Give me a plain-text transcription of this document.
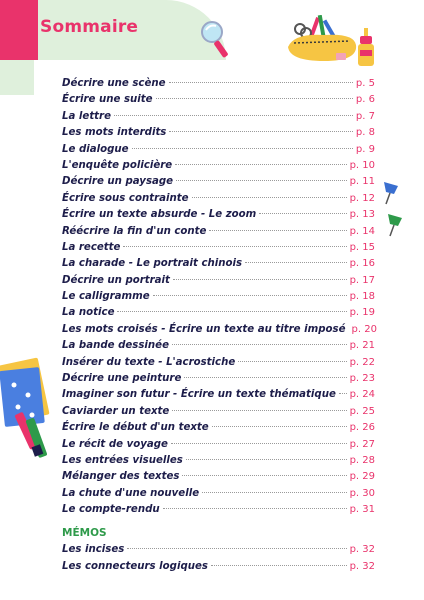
Sommaire
Décrire une scène	p. 5
Écrire une suite	p. 6
La lettre	p. 7
Les mots interdits	p. 8
Le dialogue	p. 9
L'enquête policière	p. 10
Décrire un paysage	p. 11
Écrire sous contrainte	p. 12
Écrire un texte absurde - Le zoom	p. 13
Réécrire la fin d'un conte	p. 14
La recette	p. 15
La charade - Le portrait chinois	p. 16
Décrire un portrait	p. 17
Le calligramme	p. 18
La notice	p. 19
Les mots croisés - Écrire un texte au titre imposé p. 20
La bande dessinée	p. 21
Insérer du texte - L'acrostiche	p. 22
Décrire une peinture	p. 23
Imaginer son futur - Écrire un texte thématique p. 24
Caviarder un texte	p. 25
Écrire le début d'un texte	p. 26
Le récit de voyage	p. 27
Les entrées visuelles	p. 28
Mélanger des textes	p. 29
La chute d'une nouvelle	p. 30
Le compte-rendu	p. 31
MÉMOS
Les incises	p. 32
Les connecteurs logiques	p. 32
